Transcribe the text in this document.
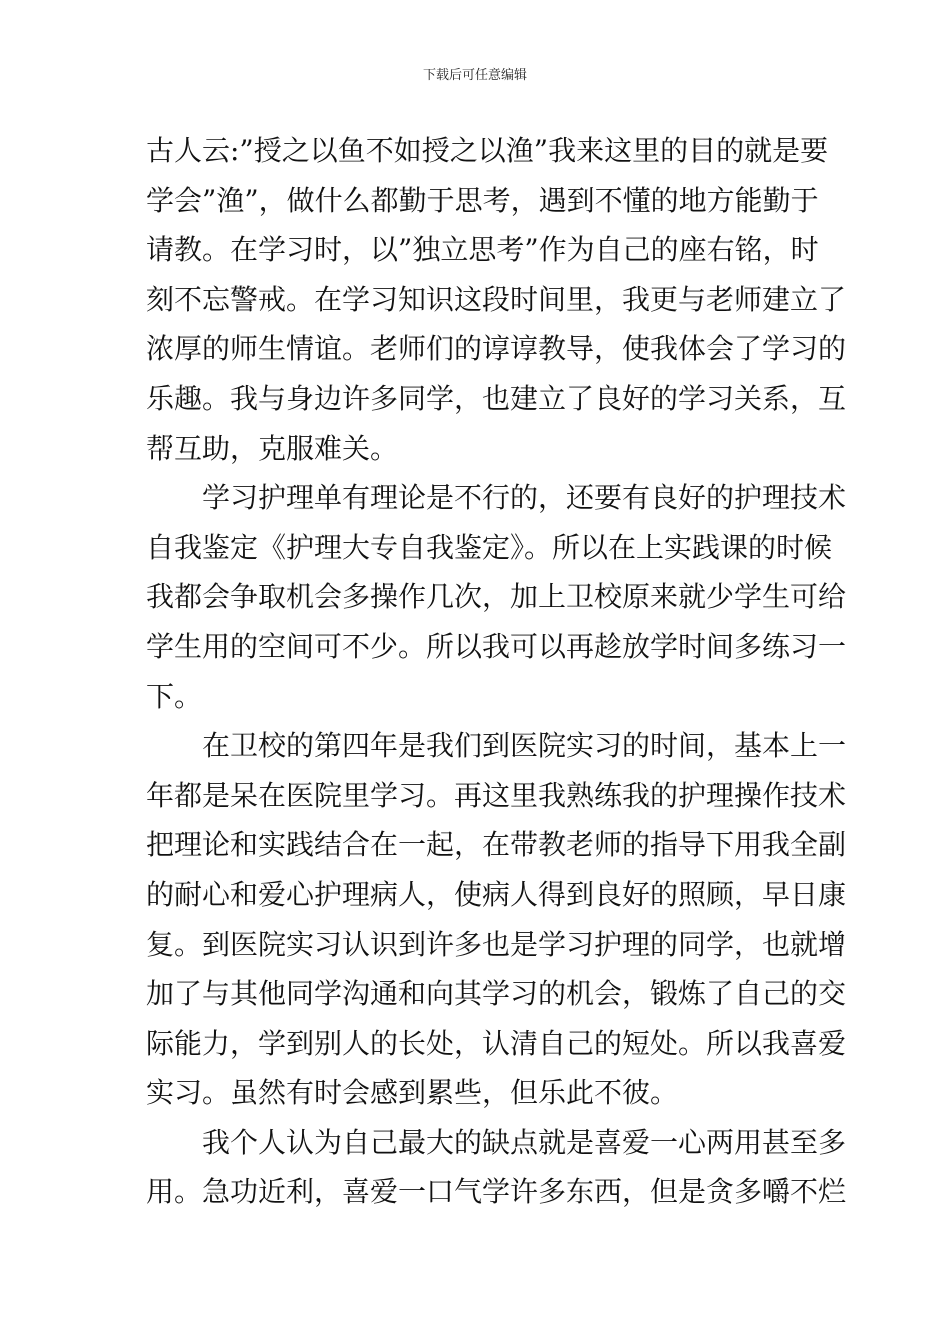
下载后可任意编辑
古人云:”授之以鱼不如授之以渔”我来这里的目的就是要
学会”渔”，做什么都勤于思考，遇到不懂的地方能勤于
请教。在学习时，以”独立思考”作为自己的座右铭，时
刻不忘警戒。在学习知识这段时间里，我更与老师建立了
浓厚的师生情谊。老师们的谆谆教导，使我体会了学习的
乐趣。我与身边许多同学，也建立了良好的学习关系，互
帮互助，克服难关。
学习护理单有理论是不行的，还要有良好的护理技术
自我鉴定《护理大专自我鉴定》。所以在上实践课的时候
我都会争取机会多操作几次，加上卫校原来就少学生可给
学生用的空间可不少。所以我可以再趁放学时间多练习一
下。
在卫校的第四年是我们到医院实习的时间，基本上一
年都是呆在医院里学习。再这里我熟练我的护理操作技术
把理论和实践结合在一起，在带教老师的指导下用我全副
的耐心和爱心护理病人，使病人得到良好的照顾，早日康
复。到医院实习认识到许多也是学习护理的同学，也就增
加了与其他同学沟通和向其学习的机会，锻炼了自己的交
际能力，学到别人的长处，认清自己的短处。所以我喜爱
实习。虽然有时会感到累些，但乐此不彼。
我个人认为自己最大的缺点就是喜爱一心两用甚至多
用。急功近利，喜爱一口气学许多东西，但是贪多嚼不烂
